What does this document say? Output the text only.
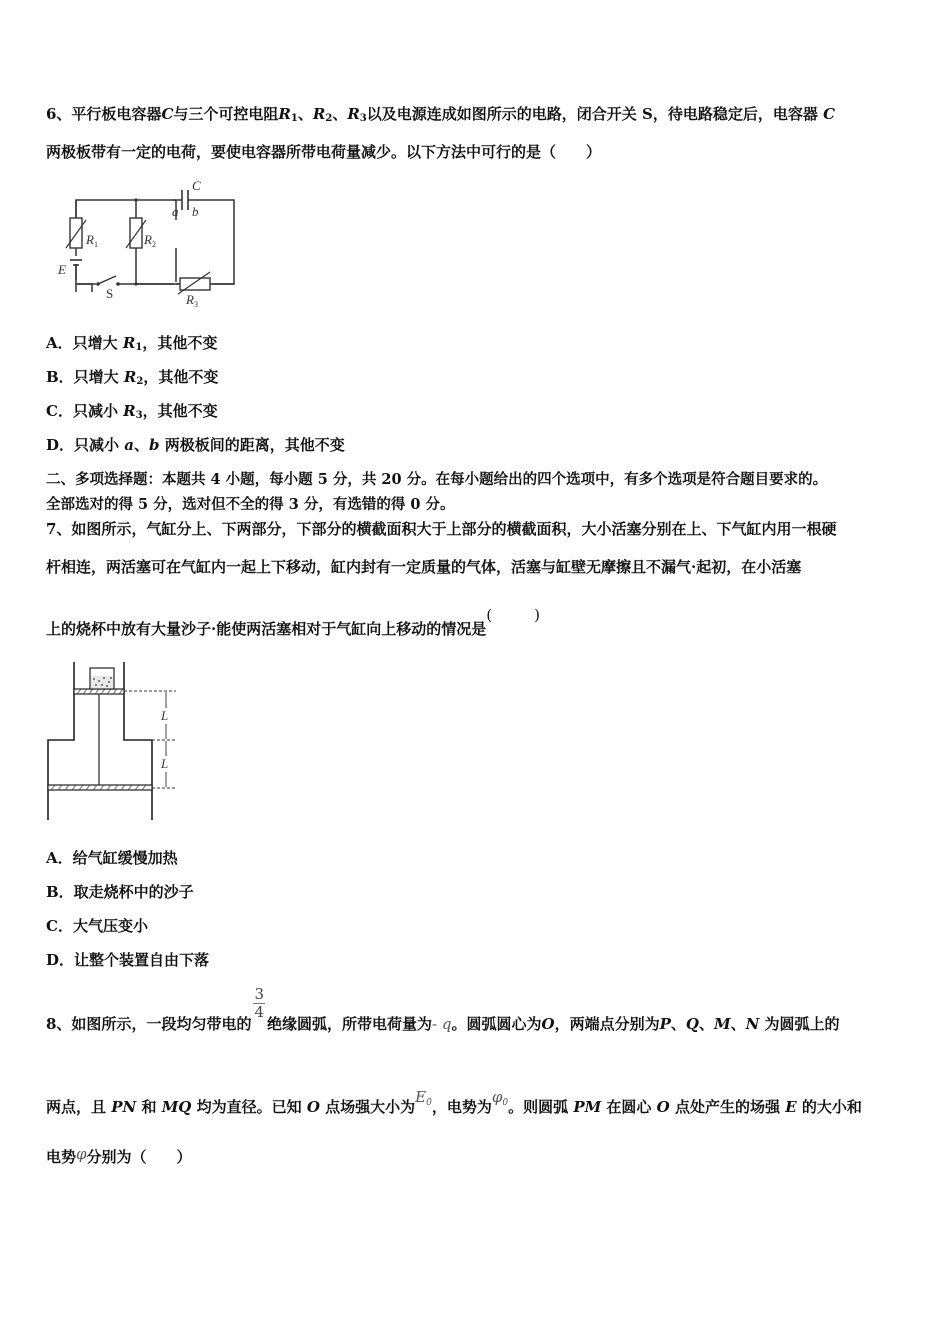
6、平行板电容器C与三个可控电阻$R_1$、$R_2$、$R_3$以及电源连成如图所示的电路，闭合开关 S，待电路稳定后，电容器 C
两极板带有一定的电荷，要使电容器所带电荷量减少。以下方法中可行的是（　　）
C
a b
$R_1$	$R_2$
$R_3$
E
S
A．只增大 $R_1$，其他不变
B．只增大 $R_2$，其他不变
C．只减小 $R_3$，其他不变
D．只减小 a、b 两极板间的距离，其他不变
二、多项选择题：本题共 4 小题，每小题 5 分，共 20 分。在每小题给出的四个选项中，有多个选项是符合题目要求的。
全部选对的得 5 分，选对但不全的得 3 分，有选错的得 0 分。
7、如图所示，气缸分上、下两部分，下部分的横截面积大于上部分的横截面积，大小活塞分别在上、下气缸内用一根硬
杆相连，两活塞可在气缸内一起上下移动，缸内封有一定质量的气体，活塞与缸壁无摩擦且不漏气·起初，在小活塞
上的烧杯中放有大量沙子·能使两活塞相对于气缸向上移动的情况是(	)
L
L
A．给气缸缓慢加热
B．取走烧杯中的沙子
C．大气压变小
D．让整个装置自由下落
8、如图所示，一段均匀带电的
$\frac{3}{4}$
绝缘圆弧，所带电荷量为- q。圆弧圆心为O，两端点分别为P、Q、M、N 为圆弧上的
两点，且 PN 和 MQ 均为直径。已知 O 点场强大小为$E_0$，电势为$\varphi_0$。则圆弧 PM 在圆心 O 点处产生的场强 E 的大小和
电势φ分别为（　　）
